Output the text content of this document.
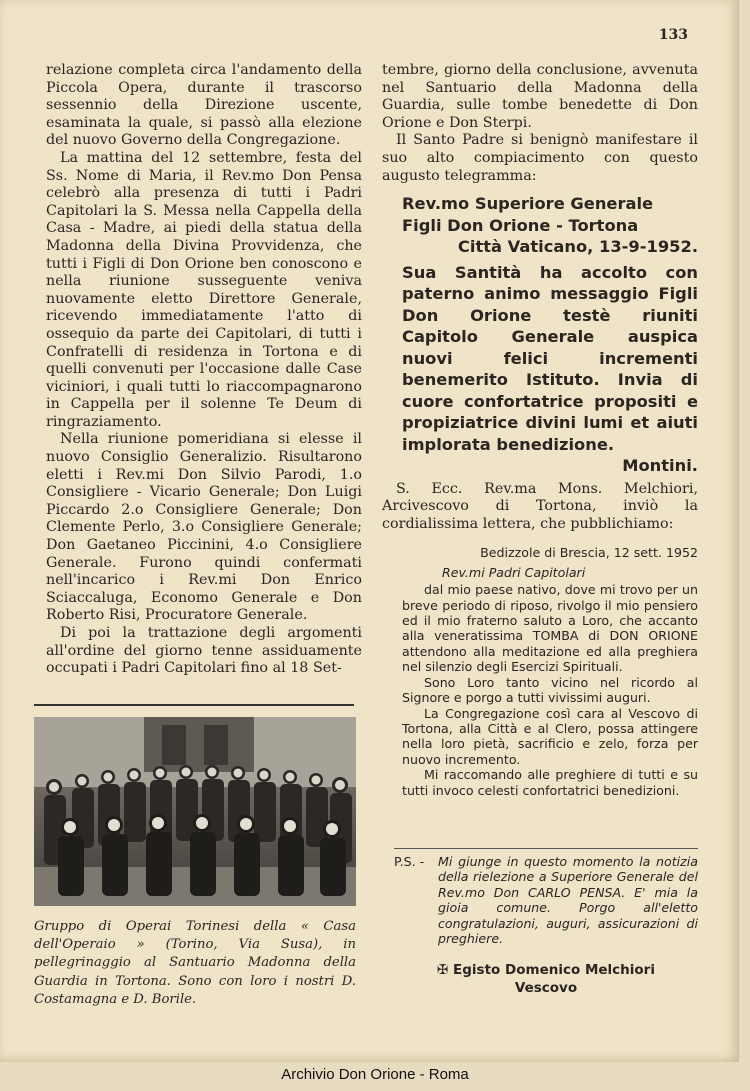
133

relazione completa circa l'andamento della Piccola Opera, durante il trascorso sessennio della Direzione uscente, esaminata la quale, si passò alla elezione del nuovo Governo della Congregazione.

La mattina del 12 settembre, festa del Ss. Nome di Maria, il Rev.mo Don Pensa celebrò alla presenza di tutti i Padri Capitolari la S. Messa nella Cappella della Casa - Madre, ai piedi della statua della Madonna della Divina Provvidenza, che tutti i Figli di Don Orione ben conoscono e nella riunione susseguente veniva nuovamente eletto Direttore Generale, ricevendo immediatamente l'atto di ossequio da parte dei Capitolari, di tutti i Confratelli di residenza in Tortona e di quelli convenuti per l'occasione dalle Case viciniori, i quali tutti lo riaccompagnarono in Cappella per il solenne Te Deum di ringraziamento.

Nella riunione pomeridiana si elesse il nuovo Consiglio Generalizio. Risultarono eletti i Rev.mi Don Silvio Parodi, 1.o Consigliere - Vicario Generale; Don Luigi Piccardo 2.o Consigliere Generale; Don Clemente Perlo, 3.o Consigliere Generale; Don Gaetaneo Piccinini, 4.o Consigliere Generale. Furono quindi confermati nell'incarico i Rev.mi Don Enrico Sciaccaluga, Economo Generale e Don Roberto Risi, Procuratore Generale.

Di poi la trattazione degli argomenti all'ordine del giorno tenne assiduamente occupati i Padri Capitolari fino al 18 Set-

Gruppo di Operai Torinesi della « Casa dell'Operaio » (Torino, Via Susa), in pellegrinaggio al Santuario Madonna della Guardia in Tortona. Sono con loro i nostri D. Costamagna e D. Borile.

tembre, giorno della conclusione, avvenuta nel Santuario della Madonna della Guardia, sulle tombe benedette di Don Orione e Don Sterpi.

Il Santo Padre si benignò manifestare il suo alto compiacimento con questo augusto telegramma:

Rev.mo Superiore Generale
Figli Don Orione - Tortona
Città Vaticano, 13-9-1952.
Sua Santità ha accolto con paterno animo messaggio Figli Don Orione testè riuniti Capitolo Generale auspica nuovi felici incrementi benemerito Istituto. Invia di cuore confortatrice propositi e propiziatrice divini lumi et aiuti implorata benedizione.
Montini.

S. Ecc. Rev.ma Mons. Melchiori, Arcivescovo di Tortona, inviò la cordialissima lettera, che pubblichiamo:

Bedizzole di Brescia, 12 sett. 1952
Rev.mi Padri Capitolari

dal mio paese nativo, dove mi trovo per un breve periodo di riposo, rivolgo il mio pensiero ed il mio fraterno saluto a Loro, che accanto alla veneratissima TOMBA di DON ORIONE attendono alla meditazione ed alla preghiera nel silenzio degli Esercizi Spirituali.

Sono Loro tanto vicino nel ricordo al Signore e porgo a tutti vivissimi auguri.

La Congregazione così cara al Vescovo di Tortona, alla Città e al Clero, possa attingere nella loro pietà, sacrificio e zelo, forza per nuovo incremento.

Mi raccomando alle preghiere di tutti e su tutti invoco celesti confortatrici benedizioni.

P.S. -	Mi giunge in questo momento la notizia della rielezione a Superiore Generale del Rev.mo Don CARLO PENSA. E' mia la gioia comune. Porgo all'eletto congratulazioni, auguri, assicurazioni di preghiere.
✠ Egisto Domenico Melchiori
Vescovo
Archivio Don Orione - Roma
